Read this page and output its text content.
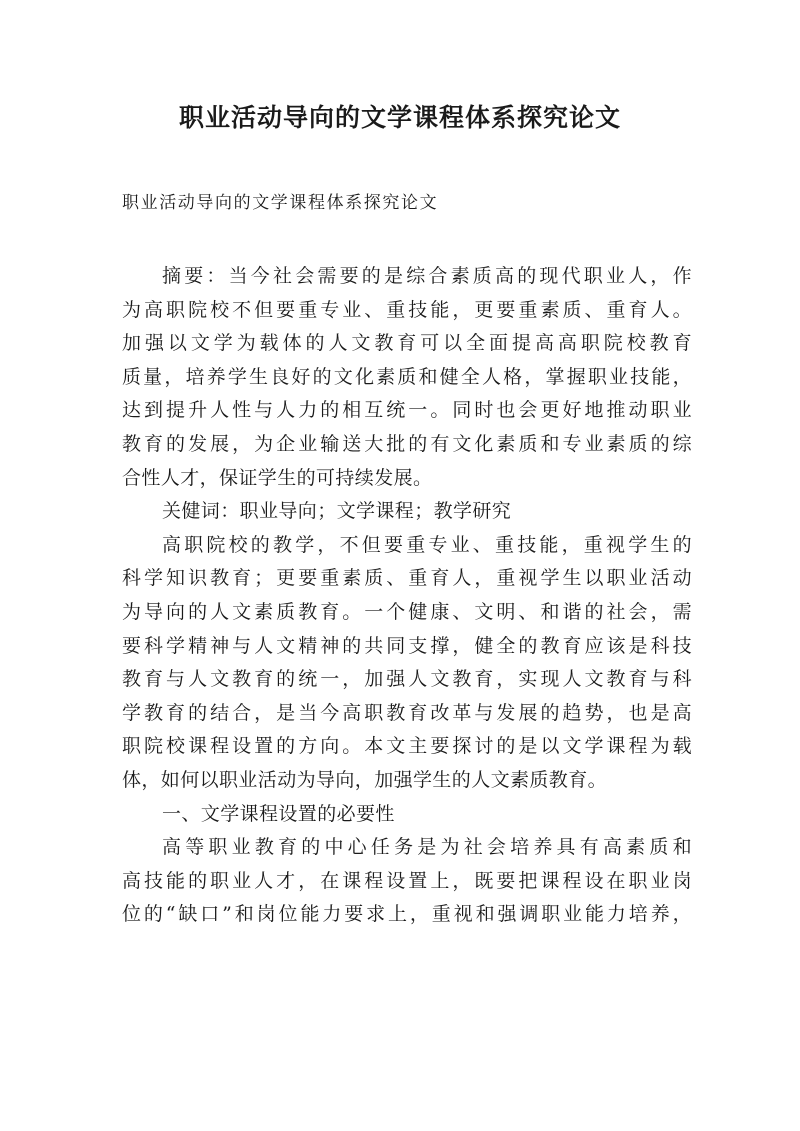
职业活动导向的文学课程体系探究论文

职业活动导向的文学课程体系探究论文

摘要：当今社会需要的是综合素质高的现代职业人，作
为高职院校不但要重专业、重技能，更要重素质、重育人。
加强以文学为载体的人文教育可以全面提高高职院校教育
质量，培养学生良好的文化素质和健全人格，掌握职业技能，
达到提升人性与人力的相互统一。同时也会更好地推动职业
教育的发展，为企业输送大批的有文化素质和专业素质的综
合性人才，保证学生的可持续发展。
关健词：职业导向；文学课程；教学研究
高职院校的教学，不但要重专业、重技能，重视学生的
科学知识教育；更要重素质、重育人，重视学生以职业活动
为导向的人文素质教育。一个健康、文明、和谐的社会，需
要科学精神与人文精神的共同支撑，健全的教育应该是科技
教育与人文教育的统一，加强人文教育，实现人文教育与科
学教育的结合，是当今高职教育改革与发展的趋势，也是高
职院校课程设置的方向。本文主要探讨的是以文学课程为载
体，如何以职业活动为导向，加强学生的人文素质教育。
一、文学课程设置的必要性
高等职业教育的中心任务是为社会培养具有高素质和
高技能的职业人才，在课程设置上，既要把课程设在职业岗
位的“缺口”和岗位能力要求上，重视和强调职业能力培养，
